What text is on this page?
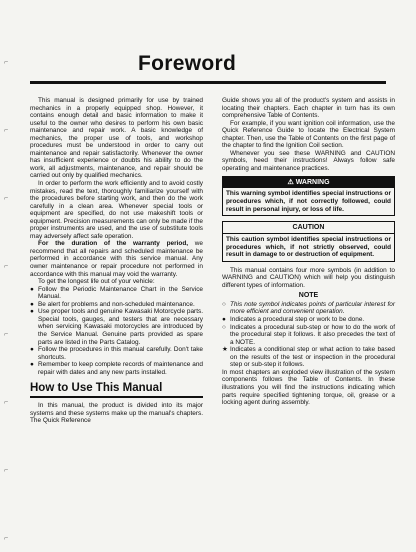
⌐
⌐
⌐
⌐
⌐
⌐
⌐
⌐
Foreword

This manual is designed primarily for use by trained mechanics in a properly equipped shop. However, it contains enough detail and basic information to make it useful to the owner who desires to perform his own basic maintenance and repair work. A basic knowledge of mechanics, the proper use of tools, and workshop procedures must be understood in order to carry out maintenance and repair satisfactorily. Whenever the owner has insufficient experience or doubts his ability to do the work, all adjustments, maintenance, and repair should be carried out only by qualified mechanics.

In order to perform the work efficiently and to avoid costly mistakes, read the text, thoroughly familiarize yourself with the procedures before starting work, and then do the work carefully in a clean area. Whenever special tools or equipment are specified, do not use makeshift tools or equipment. Precision measurements can only be made if the proper instruments are used, and the use of substitute tools may adversely affect safe operation.

For the duration of the warranty period, we recommend that all repairs and scheduled maintenance be performed in accordance with this service manual. Any owner maintenance or repair procedure not performed in accordance with this manual may void the warranty.

To get the longest life out of your vehicle:

● Follow the Periodic Maintenance Chart in the Service Manual.
● Be alert for problems and non-scheduled maintenance.
● Use proper tools and genuine Kawasaki Motorcycle parts. Special tools, gauges, and testers that are necessary when servicing Kawasaki motorcycles are introduced by the Service Manual. Genuine parts provided as spare parts are listed in the Parts Catalog.
● Follow the procedures in this manual carefully. Don't take shortcuts.
● Remember to keep complete records of maintenance and repair with dates and any new parts installed.
How to Use This Manual

In this manual, the product is divided into its major systems and these systems make up the manual's chapters. The Quick Reference

Guide shows you all of the product's system and assists in locating their chapters. Each chapter in turn has its own comprehensive Table of Contents.

For example, if you want ignition coil information, use the Quick Reference Guide to locate the Electrical System chapter. Then, use the Table of Contents on the first page of the chapter to find the Ignition Coil section.

Whenever you see these WARNING and CAUTION symbols, heed their instructions! Always follow safe operating and maintenance practices.

⚠ WARNING
This warning symbol identifies special instructions or procedures which, if not correctly followed, could result in personal injury, or loss of life.
CAUTION
This caution symbol identifies special instructions or procedures which, if not strictly observed, could result in damage to or destruction of equipment.

This manual contains four more symbols (in addition to WARNING and CAUTION) which will help you distinguish different types of information.

NOTE
○ This note symbol indicates points of particular interest for more efficient and convenient operation.
● Indicates a procedural step or work to be done.
○ Indicates a procedural sub-step or how to do the work of the procedural step it follows. It also precedes the text of a NOTE.
★ Indicates a conditional step or what action to take based on the results of the test or inspection in the procedural step or sub-step it follows.

In most chapters an exploded view illustration of the system components follows the Table of Contents. In these illustrations you will find the instructions indicating which parts require specified tightening torque, oil, grease or a locking agent during assembly.
